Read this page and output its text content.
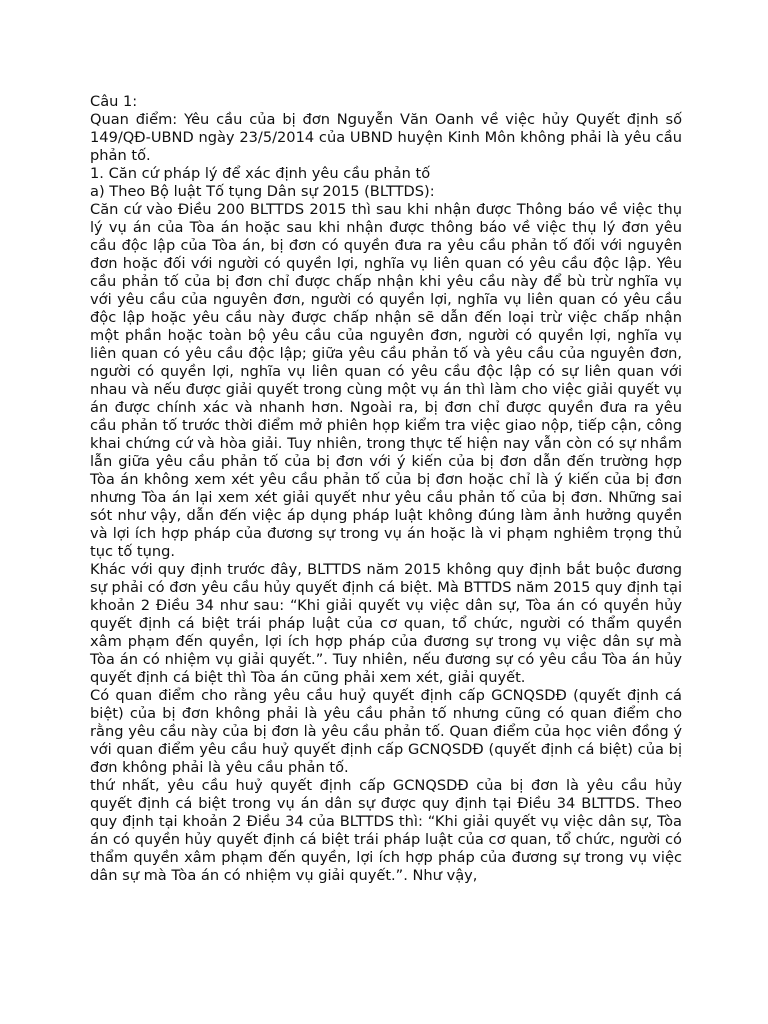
Câu 1:

Quan điểm: Yêu cầu của bị đơn Nguyễn Văn Oanh về việc hủy Quyết định số 149/QĐ-UBND ngày 23/5/2014 của UBND huyện Kinh Môn không phải là yêu cầu phản tố.

1. Căn cứ pháp lý để xác định yêu cầu phản tố

a) Theo Bộ luật Tố tụng Dân sự 2015 (BLTTDS):

Căn cứ vào Điều 200 BLTTDS 2015 thì sau khi nhận được Thông báo về việc thụ lý vụ án của Tòa án hoặc sau khi nhận được thông báo về việc thụ lý đơn yêu cầu độc lập của Tòa án, bị đơn có quyền đưa ra yêu cầu phản tố đối với nguyên đơn hoặc đối với người có quyền lợi, nghĩa vụ liên quan có yêu cầu độc lập. Yêu cầu phản tố của bị đơn chỉ được chấp nhận khi yêu cầu này để bù trừ nghĩa vụ với yêu cầu của nguyên đơn, người có quyền lợi, nghĩa vụ liên quan có yêu cầu độc lập hoặc yêu cầu này được chấp nhận sẽ dẫn đến loại trừ việc chấp nhận một phần hoặc toàn bộ yêu cầu của nguyên đơn, người có quyền lợi, nghĩa vụ liên quan có yêu cầu độc lập; giữa yêu cầu phản tố và yêu cầu của nguyên đơn, người có quyền lợi, nghĩa vụ liên quan có yêu cầu độc lập có sự liên quan với nhau và nếu được giải quyết trong cùng một vụ án thì làm cho việc giải quyết vụ án được chính xác và nhanh hơn. Ngoài ra, bị đơn chỉ được quyền đưa ra yêu cầu phản tố trước thời điểm mở phiên họp kiểm tra việc giao nộp, tiếp cận, công khai chứng cứ và hòa giải. Tuy nhiên, trong thực tế hiện nay vẫn còn có sự nhầm lẫn giữa yêu cầu phản tố của bị đơn với ý kiến của bị đơn dẫn đến trường hợp Tòa án không xem xét yêu cầu phản tố của bị đơn hoặc chỉ là ý kiến của bị đơn nhưng Tòa án lại xem xét giải quyết như yêu cầu phản tố của bị đơn. Những sai sót như vậy, dẫn đến việc áp dụng pháp luật không đúng làm ảnh hưởng quyền và lợi ích hợp pháp của đương sự trong vụ án hoặc là vi phạm nghiêm trọng thủ tục tố tụng.

Khác với quy định trước đây, BLTTDS năm 2015 không quy định bắt buộc đương sự phải có đơn yêu cầu hủy quyết định cá biệt. Mà BTTDS năm 2015 quy định tại khoản 2 Điều 34 như sau: “Khi giải quyết vụ việc dân sự, Tòa án có quyền hủy quyết định cá biệt trái pháp luật của cơ quan, tổ chức, người có thẩm quyền xâm phạm đến quyền, lợi ích hợp pháp của đương sự trong vụ việc dân sự mà Tòa án có nhiệm vụ giải quyết.”. Tuy nhiên, nếu đương sự có yêu cầu Tòa án hủy quyết định cá biệt thì Tòa án cũng phải xem xét, giải quyết.

Có quan điểm cho rằng yêu cầu huỷ quyết định cấp GCNQSDĐ (quyết định cá biệt) của bị đơn không phải là yêu cầu phản tố nhưng cũng có quan điểm cho rằng yêu cầu này của bị đơn là yêu cầu phản tố. Quan điểm của học viên đồng ý với quan điểm yêu cầu huỷ quyết định cấp GCNQSDĐ (quyết định cá biệt) của bị đơn không phải là yêu cầu phản tố.

thứ nhất, yêu cầu huỷ quyết định cấp GCNQSDĐ của bị đơn là yêu cầu hủy quyết định cá biệt trong vụ án dân sự được quy định tại Điều 34 BLTTDS. Theo quy định tại khoản 2 Điều 34 của BLTTDS thì: “Khi giải quyết vụ việc dân sự, Tòa án có quyền hủy quyết định cá biệt trái pháp luật của cơ quan, tổ chức, người có thẩm quyền xâm phạm đến quyền, lợi ích hợp pháp của đương sự trong vụ việc dân sự mà Tòa án có nhiệm vụ giải quyết.”. Như vậy,
